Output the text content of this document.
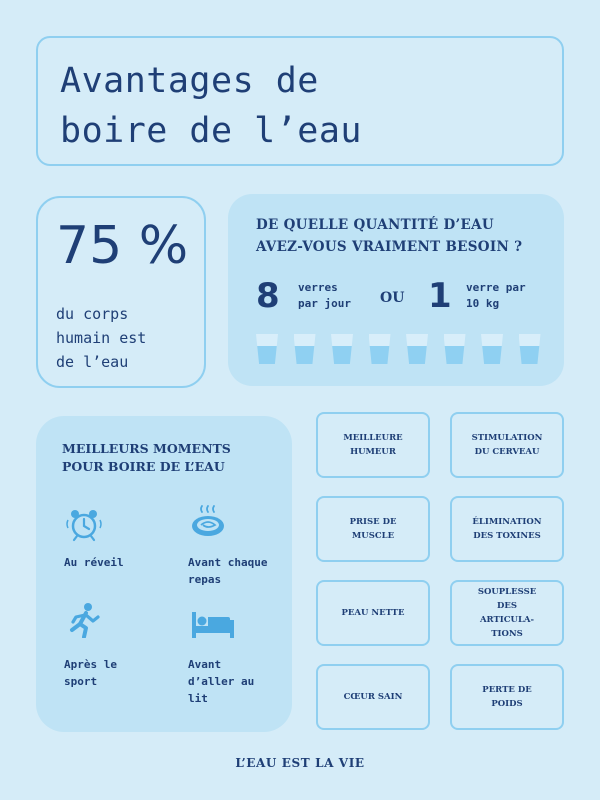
Avantages de
boire de l’eau
75 %
du corps
humain est
de l’eau
DE QUELLE QUANTITÉ D’EAU
AVEZ-VOUS VRAIMENT BESOIN ?
8 verres
par jour OU 1 verre par
10 kg
MEILLEURS MOMENTS
POUR BOIRE DE L’EAU
Au réveil	Avant chaque
repas
Après le
sport
Avant
d’aller au
lit
MEILLEURE
HUMEUR
STIMULATION
DU CERVEAU
PRISE DE
MUSCLE
ÉLIMINATION
DES TOXINES
PEAU NETTE
SOUPLESSE
DES
ARTICULA-
TIONS
CŒUR SAIN
PERTE DE
POIDS
L’EAU EST LA VIE
